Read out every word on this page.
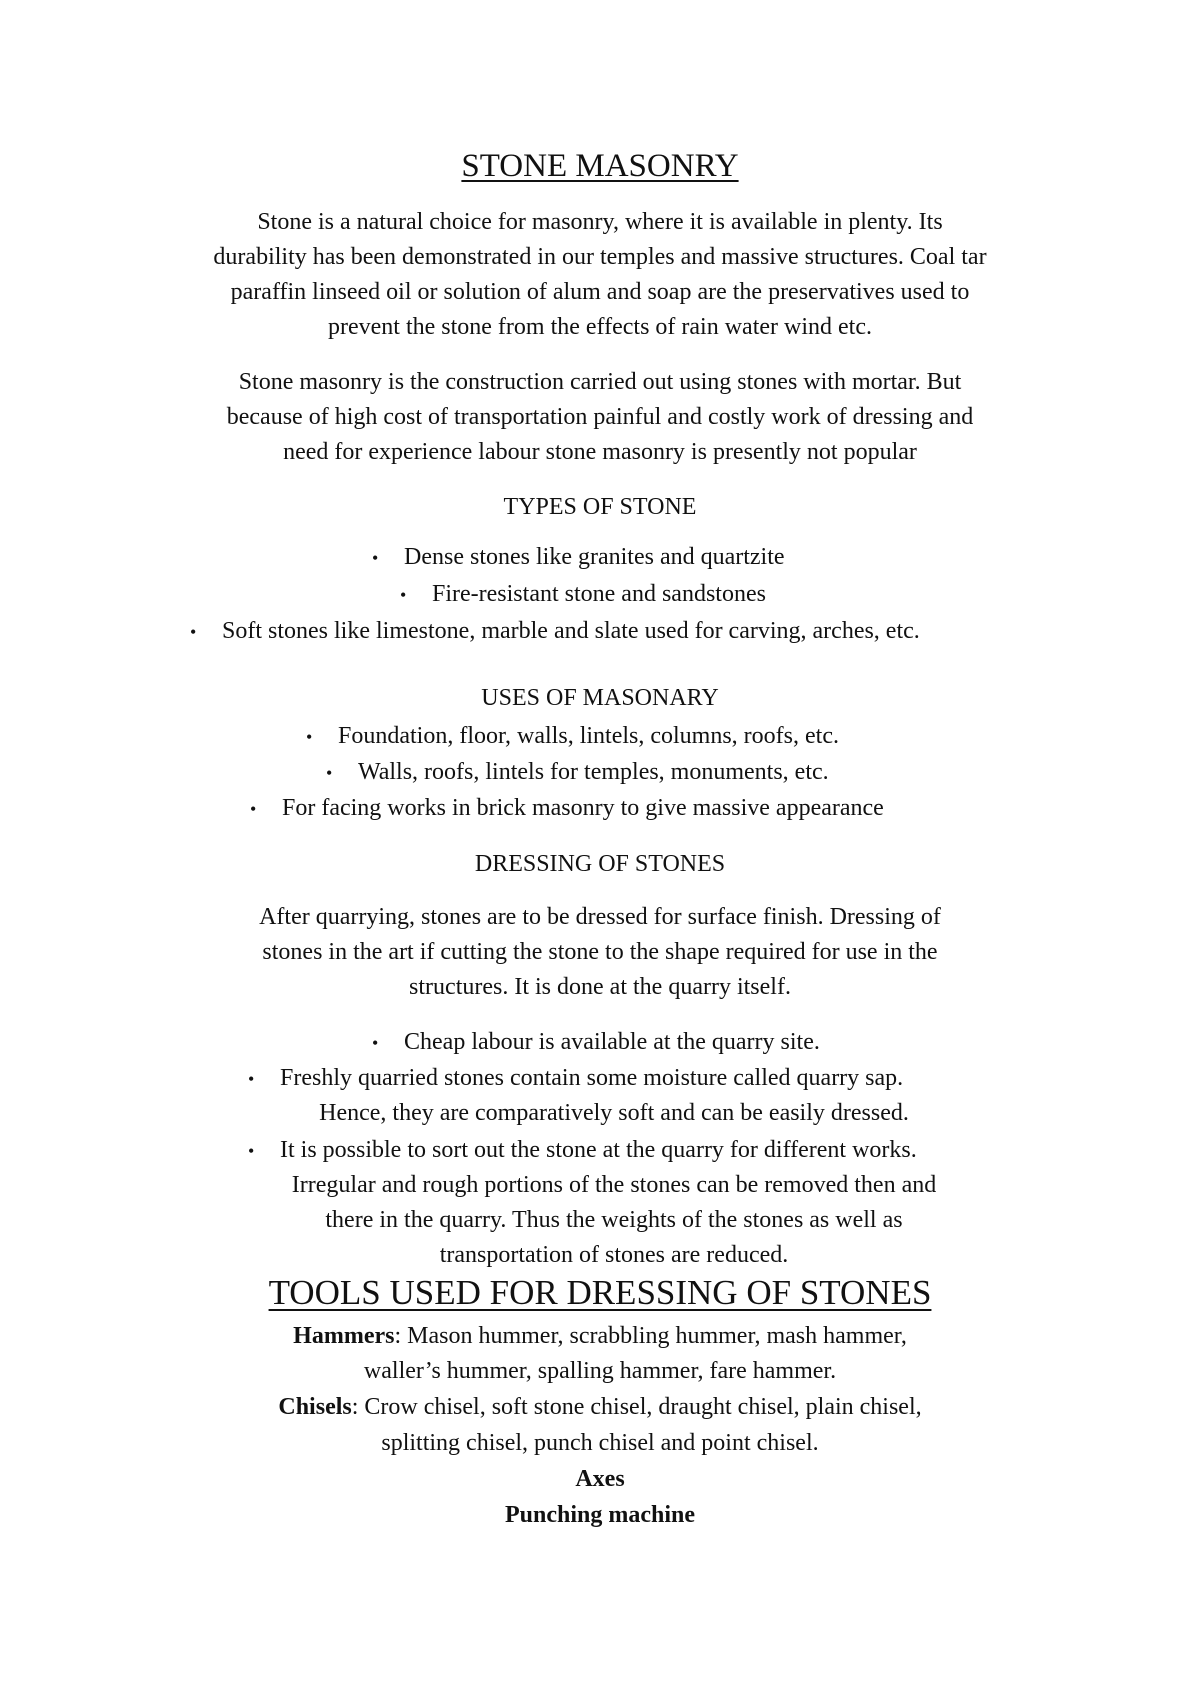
STONE MASONRY
Stone is a natural choice for masonry, where it is available in plenty. Its
durability has been demonstrated in our temples and massive structures. Coal tar
paraffin linseed oil or solution of alum and soap are the preservatives used to
prevent the stone from the effects of rain water wind etc.
Stone masonry is the construction carried out using stones with mortar. But
because of high cost of transportation painful and costly work of dressing and
need for experience labour stone masonry is presently not popular
TYPES OF STONE
• Dense stones like granites and quartzite
• Fire-resistant stone and sandstones
• Soft stones like limestone, marble and slate used for carving, arches, etc.
USES OF MASONARY
• Foundation, floor, walls, lintels, columns, roofs, etc.
• Walls, roofs, lintels for temples, monuments, etc.
• For facing works in brick masonry to give massive appearance
DRESSING OF STONES
After quarrying, stones are to be dressed for surface finish. Dressing of
stones in the art if cutting the stone to the shape required for use in the
structures. It is done at the quarry itself.
• Cheap labour is available at the quarry site.
• Freshly quarried stones contain some moisture called quarry sap.
Hence, they are comparatively soft and can be easily dressed.
• It is possible to sort out the stone at the quarry for different works.
Irregular and rough portions of the stones can be removed then and
there in the quarry. Thus the weights of the stones as well as
transportation of stones are reduced.
TOOLS USED FOR DRESSING OF STONES
Hammers: Mason hummer, scrabbling hummer, mash hammer,
waller’s hummer, spalling hammer, fare hammer.
Chisels: Crow chisel, soft stone chisel, draught chisel, plain chisel,
splitting chisel, punch chisel and point chisel.
Axes
Punching machine
